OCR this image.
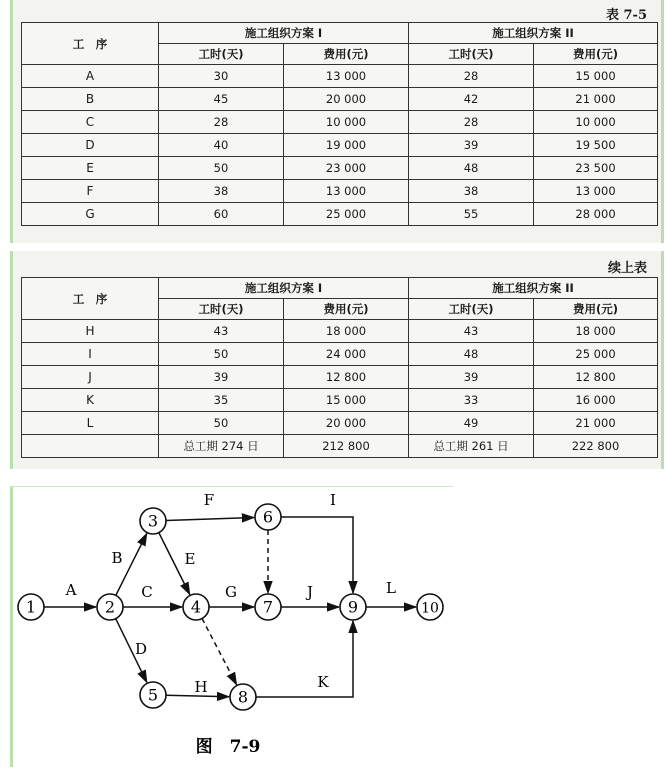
表 7-5
工　序	施工组织方案 I		施工组织方案 II	
	工时(天)	费用(元)	工时(天)	费用(元)
A	30	13 000	28	15 000
B	45	20 000	42	21 000
C	28	10 000	28	10 000
D	40	19 000	39	19 500
E	50	23 000	48	23 500
F	38	13 000	38	13 000
G	60	25 000	55	28 000
续上表
工　序	施工组织方案 I		施工组织方案 II	
	工时(天)	费用(元)	工时(天)	费用(元)
H	43	18 000	43	18 000
I	50	24 000	48	25 000
J	39	12 800	39	12 800
K	35	15 000	33	16 000
L	50	20 000	49	21 000
	总工期 274 日	212 800	总工期 261 日	222 800
1	2
3
4
5
6
7
8
9	10
A
B
C
D
E
F
G
H
I
J
K
L
图　7-9
